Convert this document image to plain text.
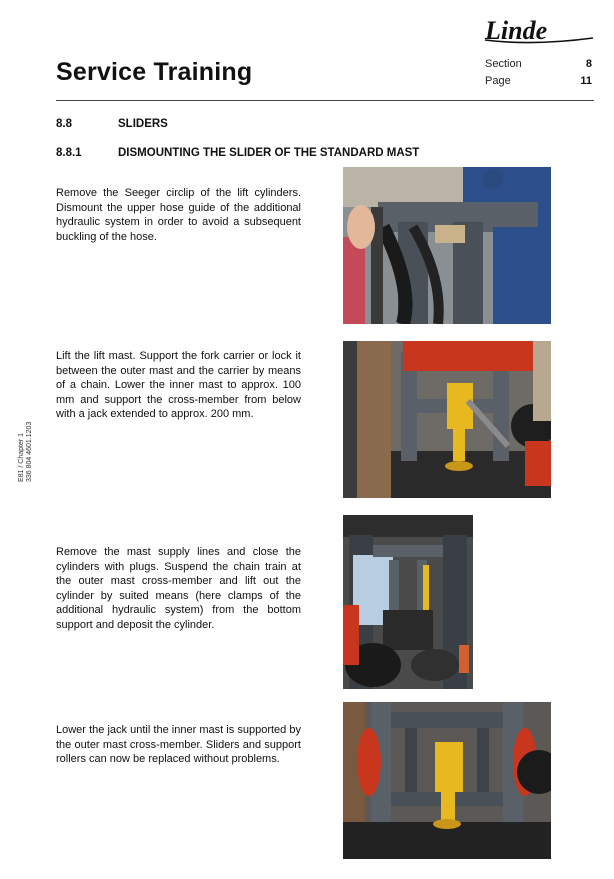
Linde
Service Training	Section	8
Page	11
E81 / Chapter 1 336 804 4601.1203
8.8	SLIDERS
8.8.1	DISMOUNTING THE SLIDER OF THE STANDARD MAST
Remove the Seeger circlip of the lift cylinders. Dismount the upper hose guide of the additional hydraulic system in order to avoid a subsequent buckling of the hose.
Lift the lift mast. Support the fork carrier or lock it between the outer mast and the carrier by means of a chain. Lower the inner mast to approx. 100 mm and support the cross-member from below with a jack extended to approx. 200 mm.
Remove the mast supply lines and close the cylinders with plugs. Suspend the chain train at the outer mast cross-member and lift out the cylinder by suited means (here clamps of the additional hydraulic system) from the bottom support and deposit the cylinder.
Lower the jack until the inner mast is supported by the outer mast cross-member. Sliders and support rollers can now be replaced without problems.
